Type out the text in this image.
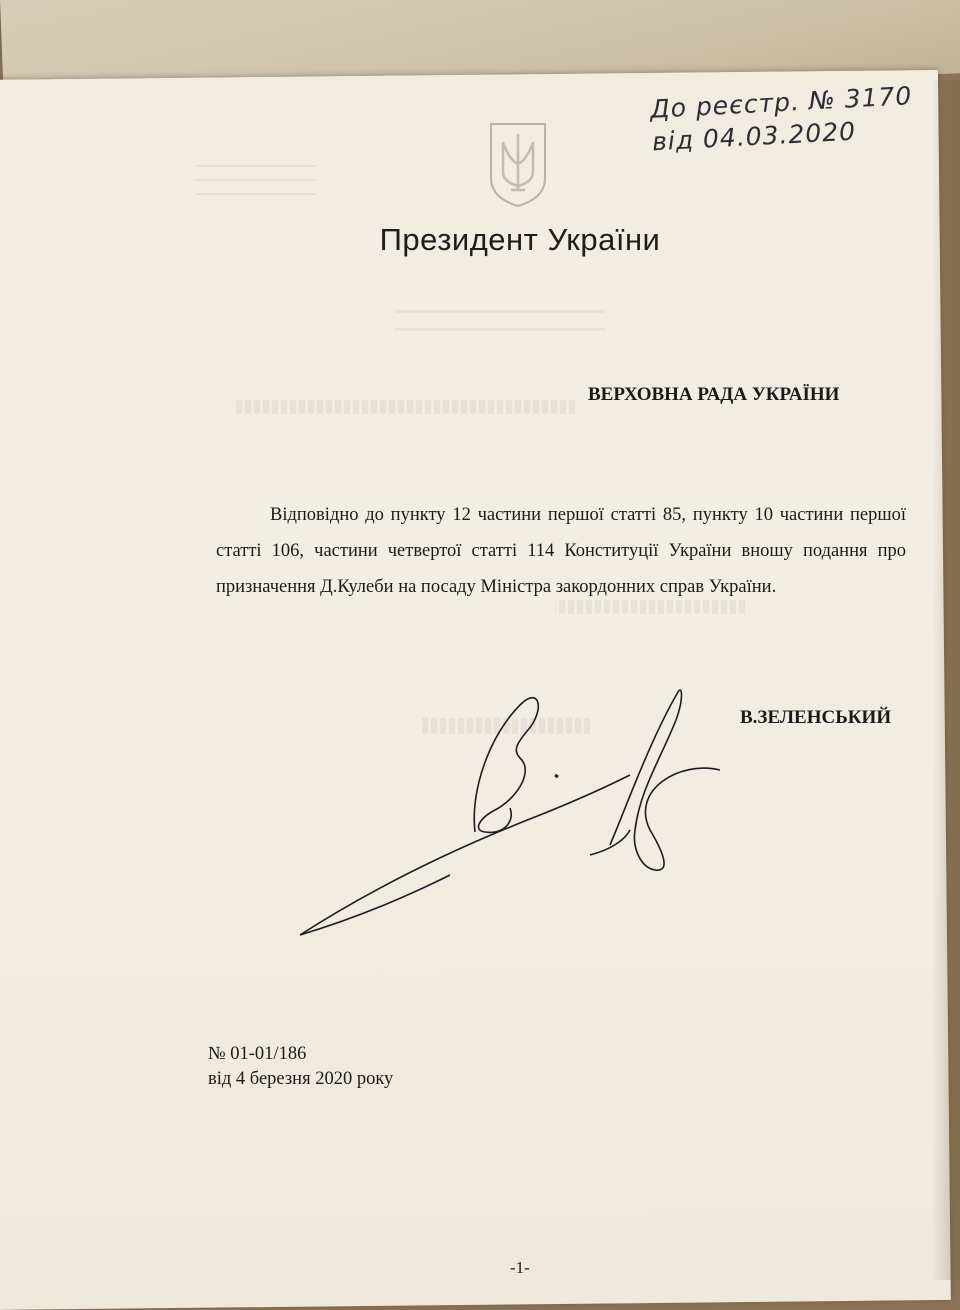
До реєстр. № 3170
від 04.03.2020
Президент України
ВЕРХОВНА РАДА УКРАЇНИ
Відповідно до пункту 12 частини першої статті 85, пункту 10 частини першої статті 106, частини четвертої статті 114 Конституції України вношу подання про призначення Д.Кулеби на посаду Міністра закордонних справ України.
В.ЗЕЛЕНСЬКИЙ
№ 01-01/186
від 4 березня 2020 року
-1-
